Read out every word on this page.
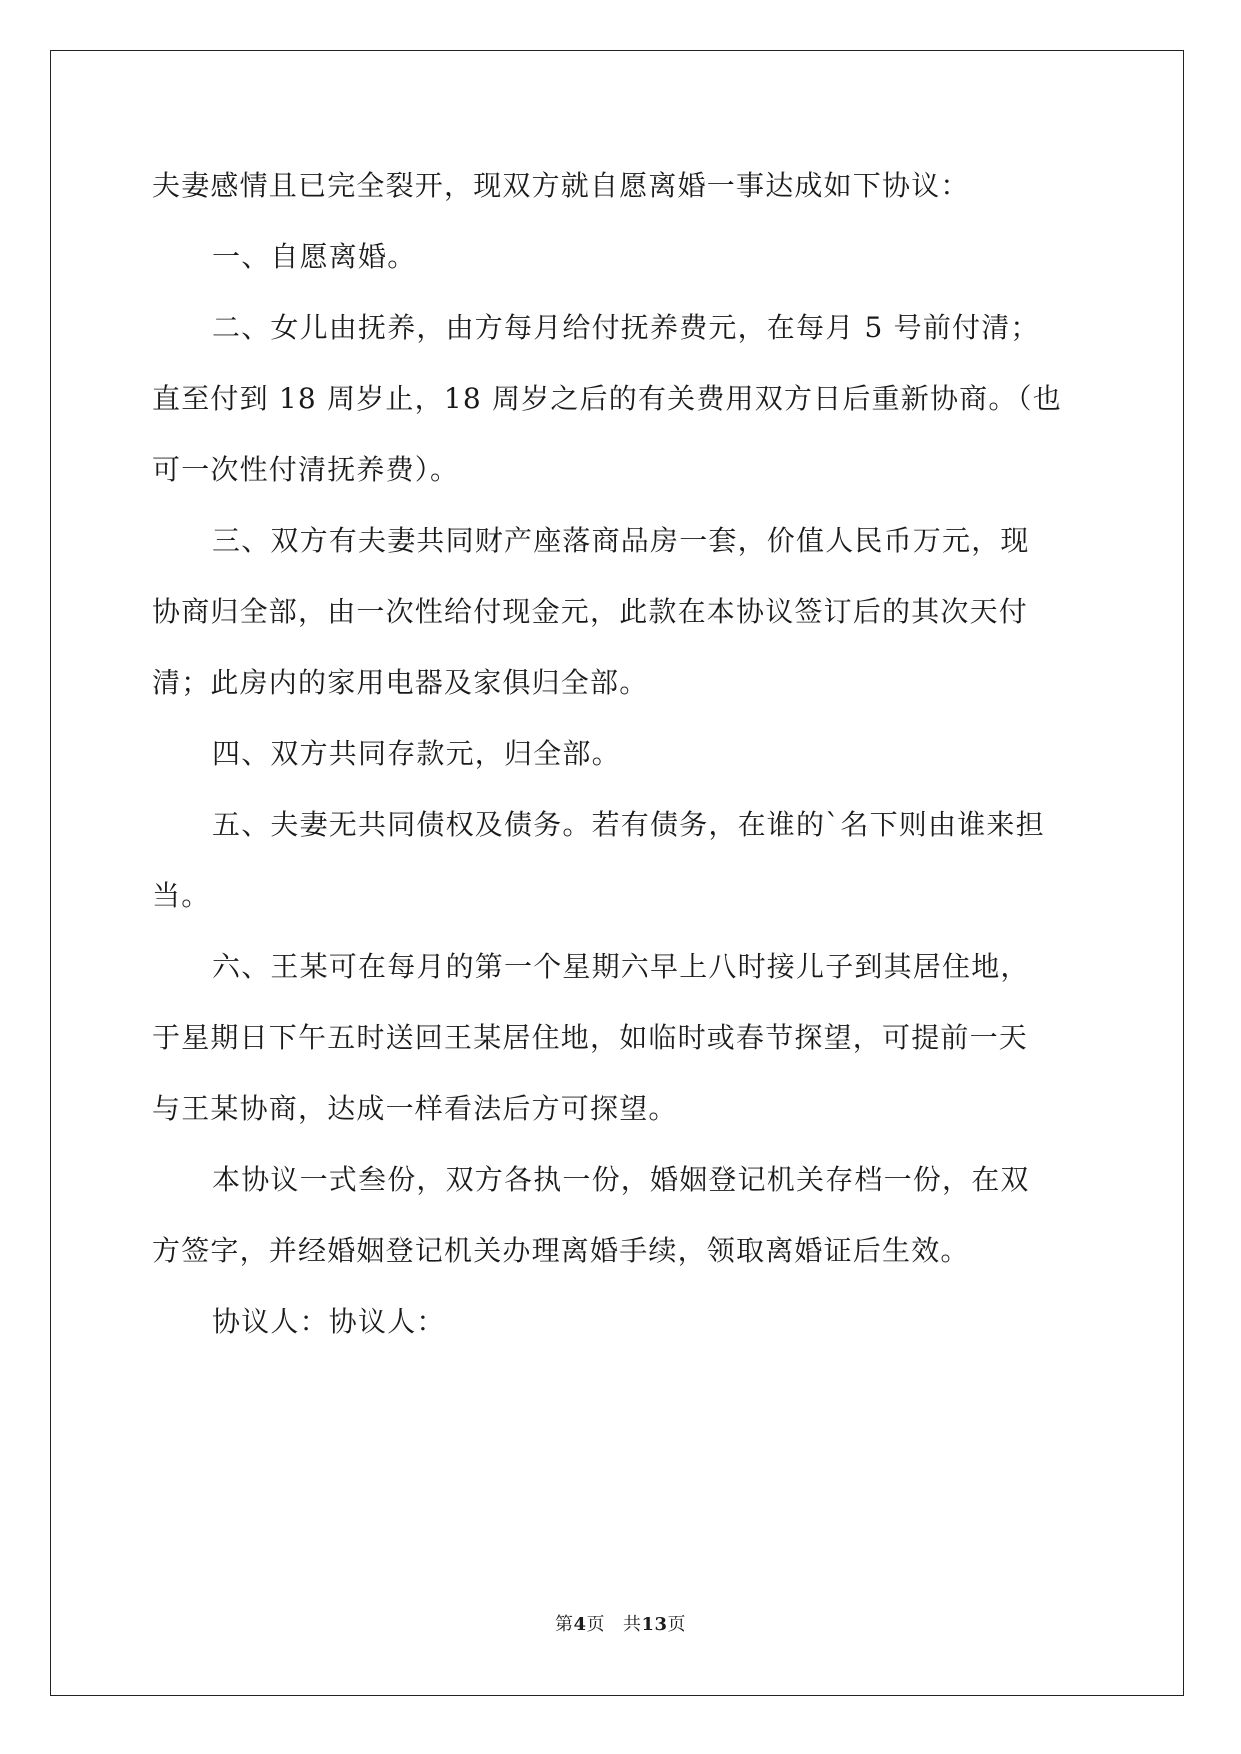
夫妻感情且已完全裂开，现双方就自愿离婚一事达成如下协议：
一、自愿离婚。
二、女儿由抚养，由方每月给付抚养费元，在每月 5 号前付清；
直至付到 18 周岁止，18 周岁之后的有关费用双方日后重新协商。（也
可一次性付清抚养费）。
三、双方有夫妻共同财产座落商品房一套，价值人民币万元，现
协商归全部，由一次性给付现金元，此款在本协议签订后的其次天付
清；此房内的家用电器及家俱归全部。
四、双方共同存款元，归全部。
五、夫妻无共同债权及债务。若有债务，在谁的`名下则由谁来担
当。
六、王某可在每月的第一个星期六早上八时接儿子到其居住地，
于星期日下午五时送回王某居住地，如临时或春节探望，可提前一天
与王某协商，达成一样看法后方可探望。
本协议一式叁份，双方各执一份，婚姻登记机关存档一份，在双
方签字，并经婚姻登记机关办理离婚手续，领取离婚证后生效。
协议人：协议人：
第4页 共13页
